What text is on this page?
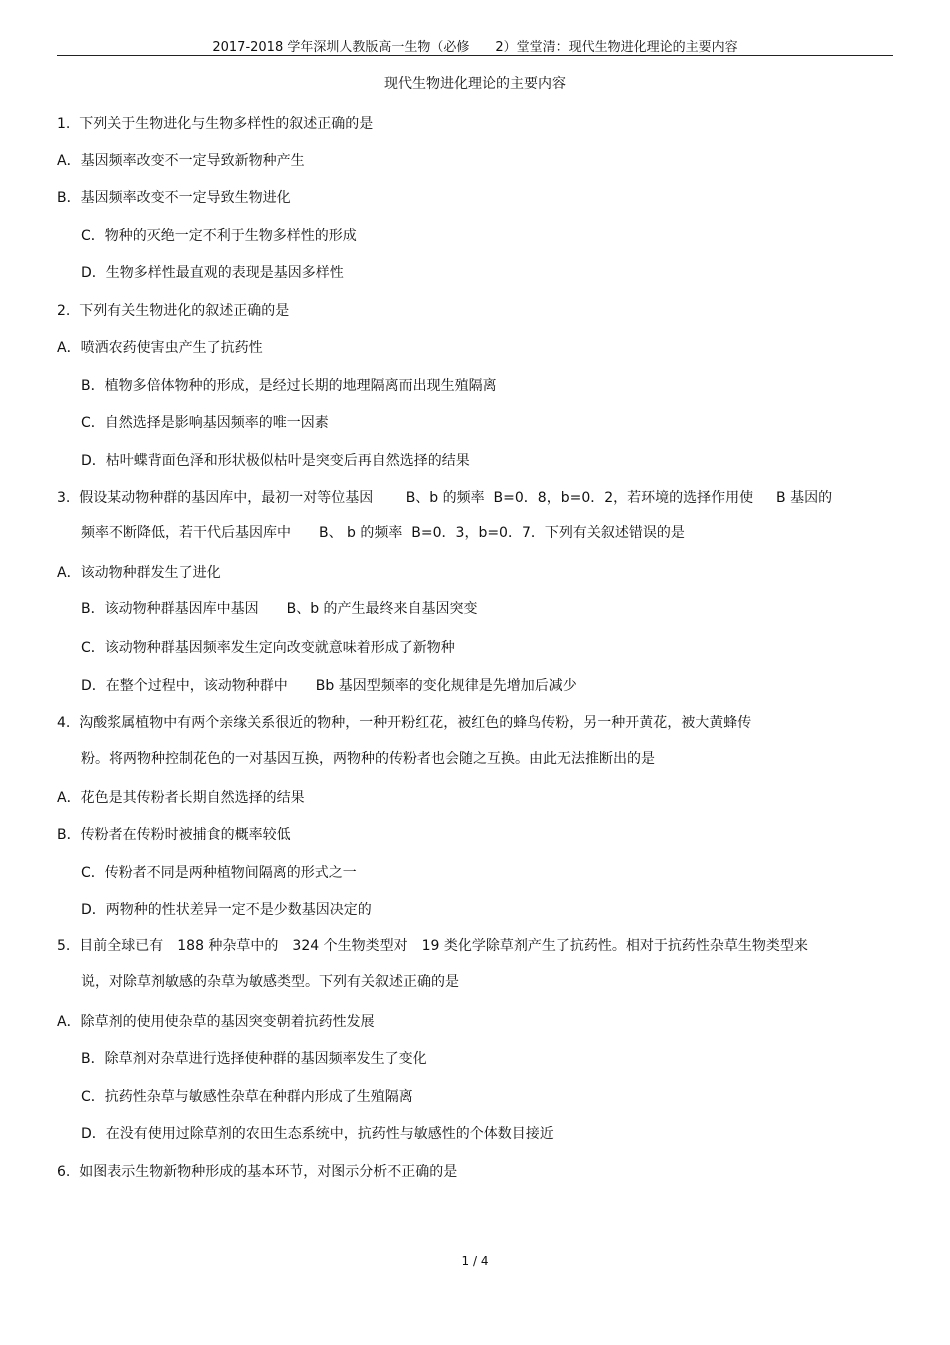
2017-2018 学年深圳人教版高一生物（必修　　2）堂堂清：现代生物进化理论的主要内容
现代生物进化理论的主要内容
1.  下列关于生物进化与生物多样性的叙述正确的是
A．基因频率改变不一定导致新物种产生
B．基因频率改变不一定导致生物进化
C．物种的灭绝一定不利于生物多样性的形成
D．生物多样性最直观的表现是基因多样性
2.  下列有关生物进化的叙述正确的是
A．喷洒农药使害虫产生了抗药性
B．植物多倍体物种的形成，是经过长期的地理隔离而出现生殖隔离
C．自然选择是影响基因频率的唯一因素
D．枯叶蝶背面色泽和形状极似枯叶是突变后再自然选择的结果
3.  假设某动物种群的基因库中，最初一对等位基因　　 B、b 的频率  B=0．8，b=0．2，若环境的选择作用使　  B 基因的
频率不断降低，若干代后基因库中　　B、 b 的频率  B=0．3，b=0．7．下列有关叙述错误的是
A．该动物种群发生了进化
B．该动物种群基因库中基因　　B、b 的产生最终来自基因突变
C．该动物种群基因频率发生定向改变就意味着形成了新物种
D．在整个过程中，该动物种群中　　Bb 基因型频率的变化规律是先增加后减少
4.  沟酸浆属植物中有两个亲缘关系很近的物种，一种开粉红花，被红色的蜂鸟传粉，另一种开黄花，被大黄蜂传
粉。将两物种控制花色的一对基因互换，两物种的传粉者也会随之互换。由此无法推断出的是
A．花色是其传粉者长期自然选择的结果
B．传粉者在传粉时被捕食的概率较低
C．传粉者不同是两种植物间隔离的形式之一
D．两物种的性状差异一定不是少数基因决定的
5.  目前全球已有　188 种杂草中的　324 个生物类型对　19 类化学除草剂产生了抗药性。相对于抗药性杂草生物类型来
说，对除草剂敏感的杂草为敏感类型。下列有关叙述正确的是
A．除草剂的使用使杂草的基因突变朝着抗药性发展
B．除草剂对杂草进行选择使种群的基因频率发生了变化
C．抗药性杂草与敏感性杂草在种群内形成了生殖隔离
D．在没有使用过除草剂的农田生态系统中，抗药性与敏感性的个体数目接近
6.  如图表示生物新物种形成的基本环节，对图示分析不正确的是
1 / 4
